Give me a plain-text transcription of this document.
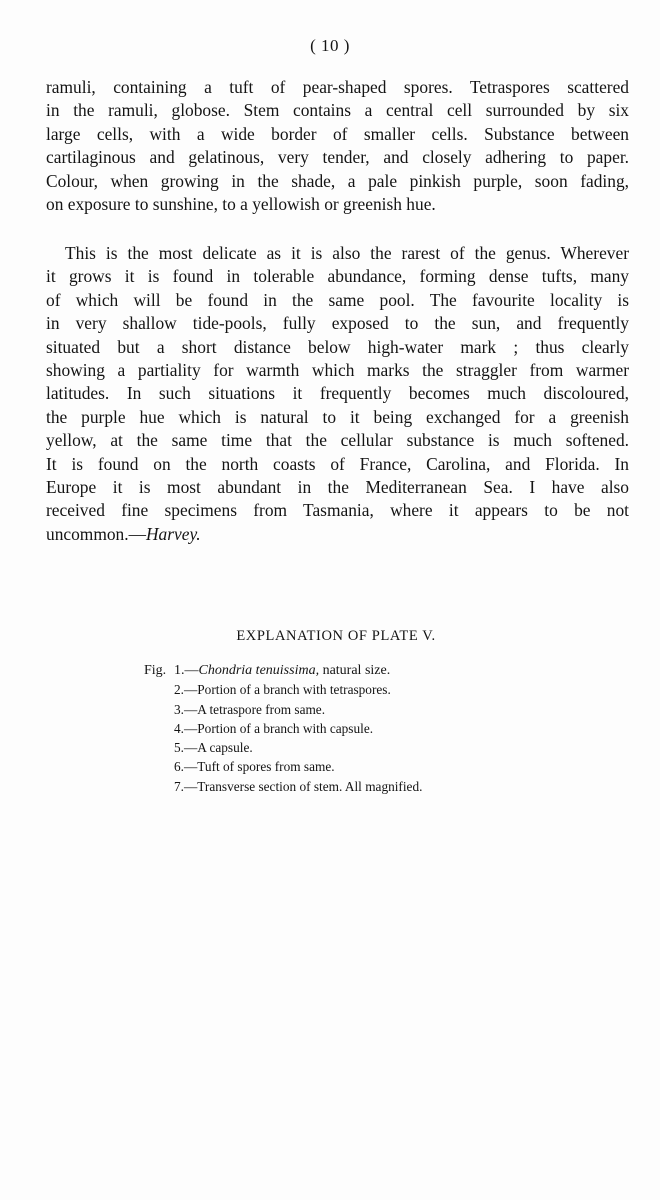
( 10 )
ramuli, containing a tuft of pear-shaped spores. Tetraspores scattered
in the ramuli, globose. Stem contains a central cell surrounded by six
large cells, with a wide border of smaller cells. Substance between
cartilaginous and gelatinous, very tender, and closely adhering to paper.
Colour, when growing in the shade, a pale pinkish purple, soon fading,
on exposure to sunshine, to a yellowish or greenish hue.
This is the most delicate as it is also the rarest of the genus. Wherever
it grows it is found in tolerable abundance, forming dense tufts, many
of which will be found in the same pool. The favourite locality is
in very shallow tide-pools, fully exposed to the sun, and frequently
situated but a short distance below high-water mark ; thus clearly
showing a partiality for warmth which marks the straggler from warmer
latitudes. In such situations it frequently becomes much discoloured,
the purple hue which is natural to it being exchanged for a greenish
yellow, at the same time that the cellular substance is much softened.
It is found on the north coasts of France, Carolina, and Florida. In
Europe it is most abundant in the Mediterranean Sea. I have also
received fine specimens from Tasmania, where it appears to be not
uncommon.—Harvey.
EXPLANATION OF PLATE V.
Fig. 1.—Chondria tenuissima, natural size.
2.—Portion of a branch with tetraspores.
3.—A tetraspore from same.
4.—Portion of a branch with capsule.
5.—A capsule.
6.—Tuft of spores from same.
7.—Transverse section of stem. All magnified.
